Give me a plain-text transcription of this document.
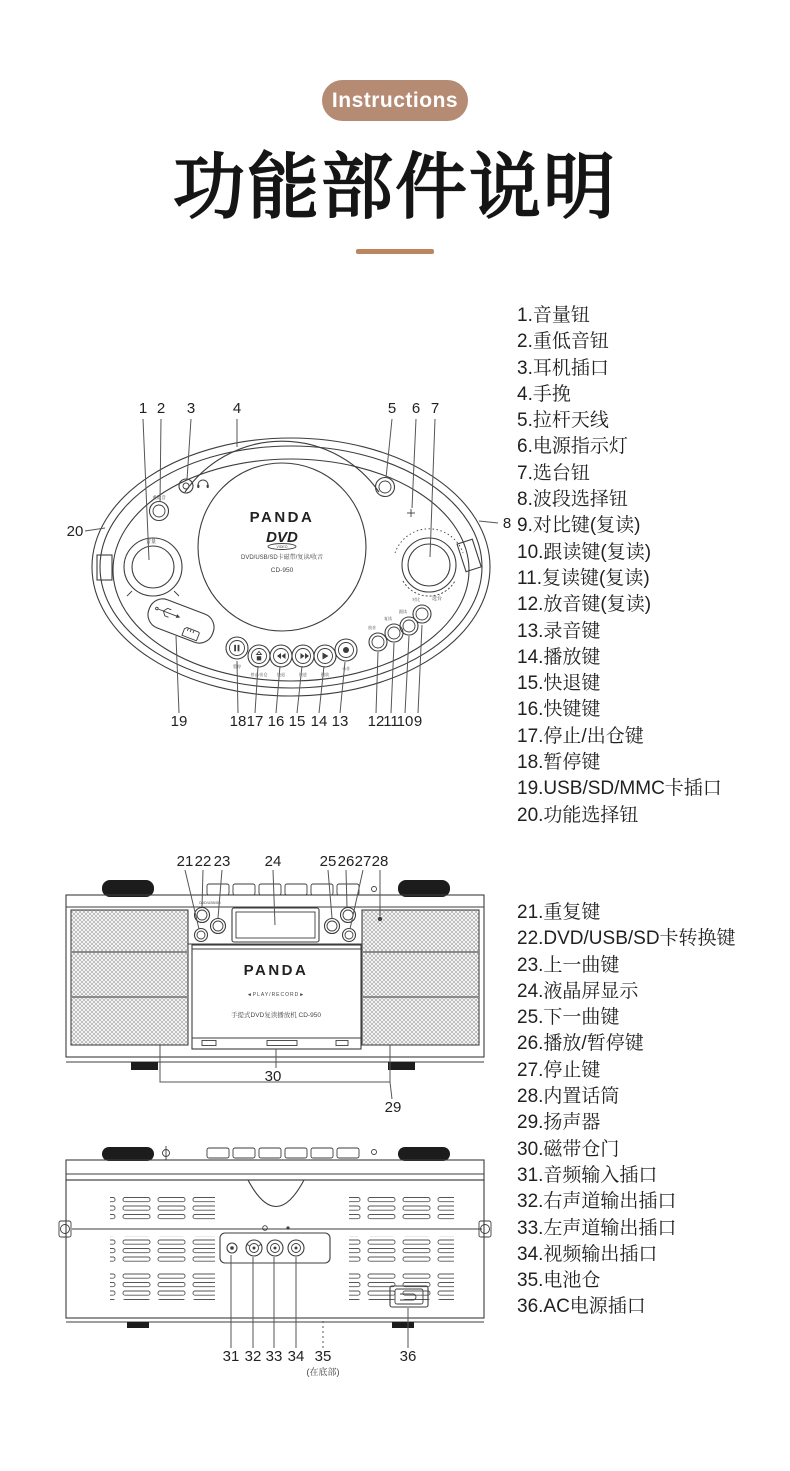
Instructions
功能部件说明
PANDA
DVD
VIDEO
DVD/USB/SD卡磁带/复读/收音
CD-950
音量
重低音
选台
暂停
停止/出仓 快退	快进	播放
录音
放音
复读
跟读
对比
1 2 3	4	5 6 7
20	8
19	18 17 16 15 14 13 12
11
10 9
1.音量钮
2.重低音钮
3.耳机插口
4.手挽
5.拉杆天线
6.电源指示灯
7.选台钮
8.波段选择钮
9.对比键(复读)
10.跟读键(复读)
11.复读键(复读)
12.放音键(复读)
13.录音键
14.播放键
15.快退键
16.快键键
17.停止/出仓键
18.暂停键
19.USB/SD/MMC卡插口
20.功能选择钮
DVD/USB/SD
PANDA
◄PLAY/RECORD►
手提式DVD复读播放机 CD-950
21 22 23 24	25 26 27 28
30
29
21.重复键
22.DVD/USB/SD卡转换键
23.上一曲键
24.液晶屏显示
25.下一曲键
26.播放/暂停键
27.停止键
28.内置话筒
29.扬声器
30.磁带仓门
31.音频输入插口
32.右声道输出插口
33.左声道输出插口
34.视频输出插口
35.电池仓
36.AC电源插口
31 32 33 34 35	36
(在底部)
